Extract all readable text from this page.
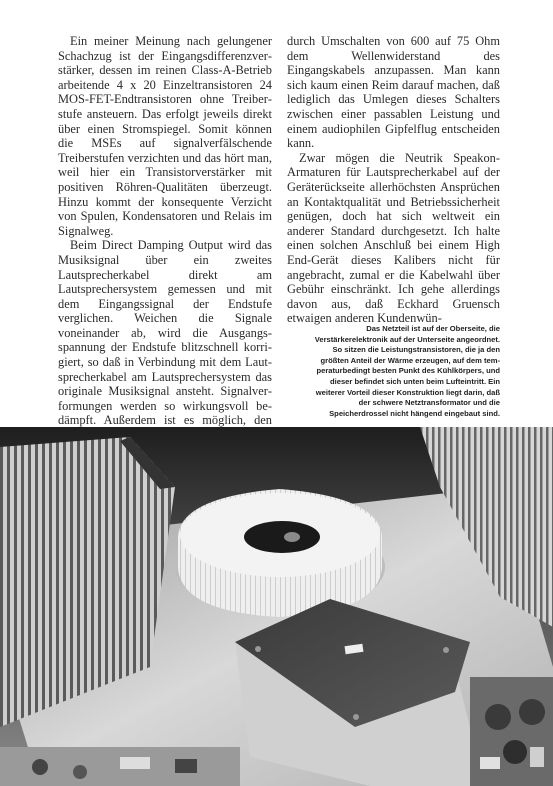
Ein meiner Meinung nach gelungener Schachzug ist der Eingangsdifferenzverstärker, dessen im reinen Class-A-Betrieb arbeitende 4 x 20 Einzeltransistoren 24 MOS-FET-Endtransistoren ohne Treiberstufe ansteuern. Das erfolgt jeweils direkt über einen Stromspiegel. Somit können die MSEs auf signalverfälschende Treiberstufen verzichten und das hört man, weil hier ein Transistorverstärker mit positiven Röhren-Qualitäten überzeugt. Hinzu kommt der konsequente Verzicht von Spulen, Kondensatoren und Relais im Signalweg.

Beim Direct Damping Output wird das Musiksignal über ein zweites Lautsprecherkabel direkt am Lautsprechersystem gemessen und mit dem Eingangssignal der Endstufe verglichen. Weichen die Signale voneinander ab, wird die Ausgangsspannung der Endstufe blitzschnell korrigiert, so daß in Verbindung mit dem Lautsprecherkabel am Lautsprechersystem das originale Musiksignal ansteht. Signalverformungen werden so wirkungsvoll bedämpft. Außerdem ist es möglich, den

durch Umschalten von 600 auf 75 Ohm dem Wellenwiderstand des Eingangskabels anzupassen. Man kann sich kaum einen Reim darauf machen, daß lediglich das Umlegen dieses Schalters zwischen einer passablen Leistung und einem audiophilen Gipfelflug entscheiden kann.

Zwar mögen die Neutrik Speakon-Armaturen für Lautsprecherkabel auf der Geräterückseite allerhöchsten Ansprüchen an Kontaktqualität und Betriebssicherheit genügen, doch hat sich weltweit ein anderer Standard durchgesetzt. Ich halte einen solchen Anschluß bei einem High End-Gerät dieses Kalibers nicht für angebracht, zumal er die Kabelwahl über Gebühr einschränkt. Ich gehe allerdings davon aus, daß Eckhard Gruensch etwaigen anderen Kundenwün-

Das Netzteil ist auf der Oberseite, die Verstärkerelektronik auf der Unterseite angeordnet. So sitzen die Leistungstransistoren, die ja den größten Anteil der Wärme erzeugen, auf dem temperaturbedingt besten Punkt des Kühlkörpers, und dieser befindet sich unten beim Lufteintritt. Ein weiterer Vorteil dieser Konstruktion liegt darin, daß der schwere Netztransformator und die Speicherdrossel nicht hängend eingebaut sind.
